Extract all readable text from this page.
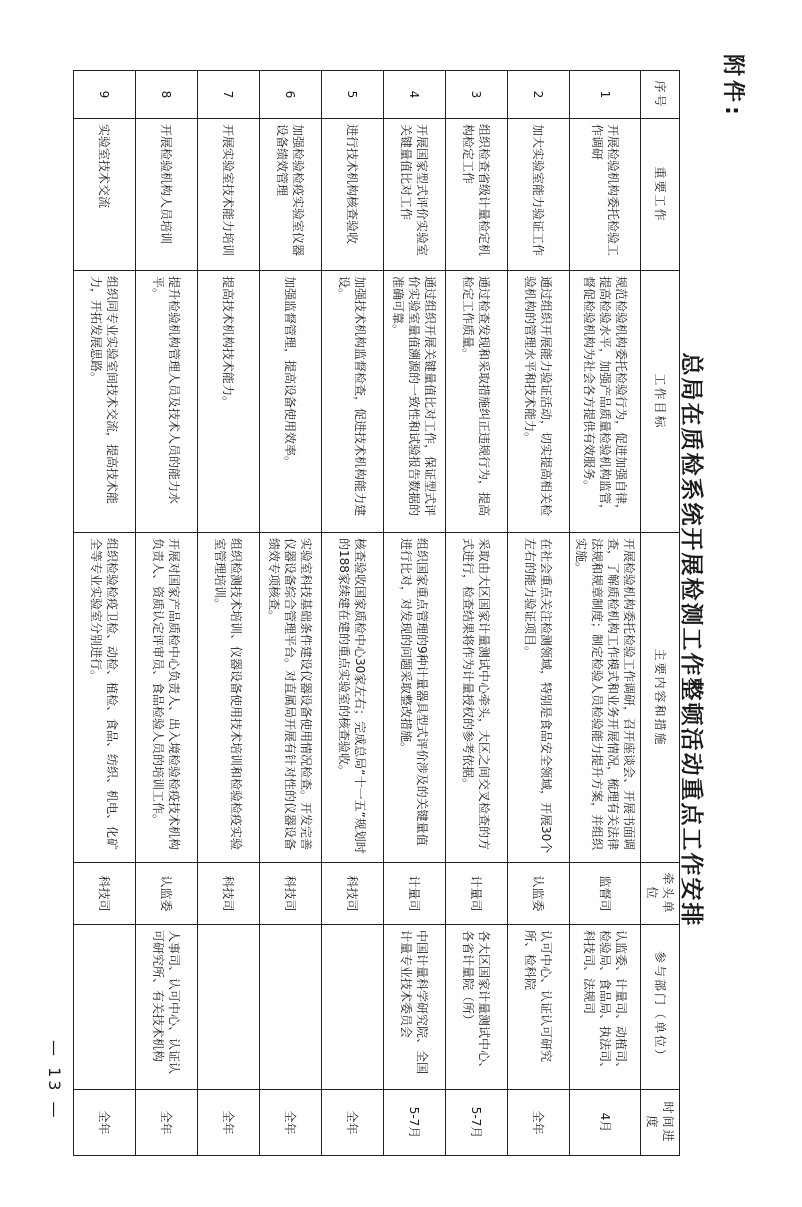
附件:
总局在质检系统开展检测工作整顿活动重点工作安排
序号	重要工作	工作目标	主要内容和措施	牵头单位	参与部门（单位）	时间进度
1	开展检验机构委托检验工作调研	规范检验机构委托检验行为，促进加强自律，提高检验水平，加强产品质量检验机构监管，督促检验机构为社会各方提供有效服务。	开展检验机构委托检验工作调研，召开座谈会、开展书面调查，了解质检机构工作模式和业务开展情况，梳理有关法律法规和规章制度；制定检验人员检验能力提升方案，并组织实施。	监督司	认监委、计量司、动植司、检验局、食品局、执法司、科技司、法规司	4月
2	加大实验室能力验证工作	通过组织开展能力验证活动，切实提高相关检验机构的管理水平和技术能力。	在社会重点关注检测领域，特别是食品安全领域，开展30个左右的能力验证项目。	认监委	认可中心、认证认可研究所、检科院	全年
3	组织检查省级计量检定机构检定工作	通过检查发现和采取措施纠正违规行为，提高检定工作质量。	采取由大区国家计量测试中心牵头，大区之间交叉检查的方式进行，检查结果将作为计量授权的参考依据。	计量司	各大区国家计量测试中心、各省计量院（所）	5-7月
4	开展国家型式评价实验室关键量值比对工作	通过组织开展关键量值比对工作，保证型式评价实验室量值溯源的一致性和试验报告数据的准确可靠。	组织国家重点管理的9种计量器具型式评价涉及的关键量值进行比对，对发现的问题采取整改措施。	计量司	中国计量科学研究院、全国计量专业技术委员会	5-7月
5	进行技术机构核查验收	加强技术机构监督检查，促进技术机构能力建设。	核查验收国家质检中心30家左右；完成总局“十一五”规划时的188家续建在建的重点实验室的核查验收。	科技司		全年
6	加强检验检疫实验室仪器设备绩效管理	加强监督管理，提高设备使用效率。	实验室科技基础条件建设仪器设备使用情况检查。开发完善仪器设备综合管理平台。对直属局开展有针对性的仪器设备绩效专项核查。	科技司		全年
7	开展实验室技术能力培训	提高技术机构技术能力。	组织检测技术培训、仪器设备使用技术培训和检验检疫实验室管理培训。	科技司		全年
8	开展检验机构人员培训	提升检验机构管理人员及技术人员的能力水平。	开展对国家产品质检中心负责人、出入境检验检疫技术机构负责人、资质认定评审员、食品检验人员的培训工作。	认监委	人事司、认可中心、认证认可研究所、有关技术机构	全年
9	实验室技术交流	组织同专业实验室间技术交流，提高技术能力，开拓发展思路。	组织检验检疫卫检、动检、植检、食品、纺织、机电、化矿全等专业实验室分别进行。	科技司		全年
— 13 —
